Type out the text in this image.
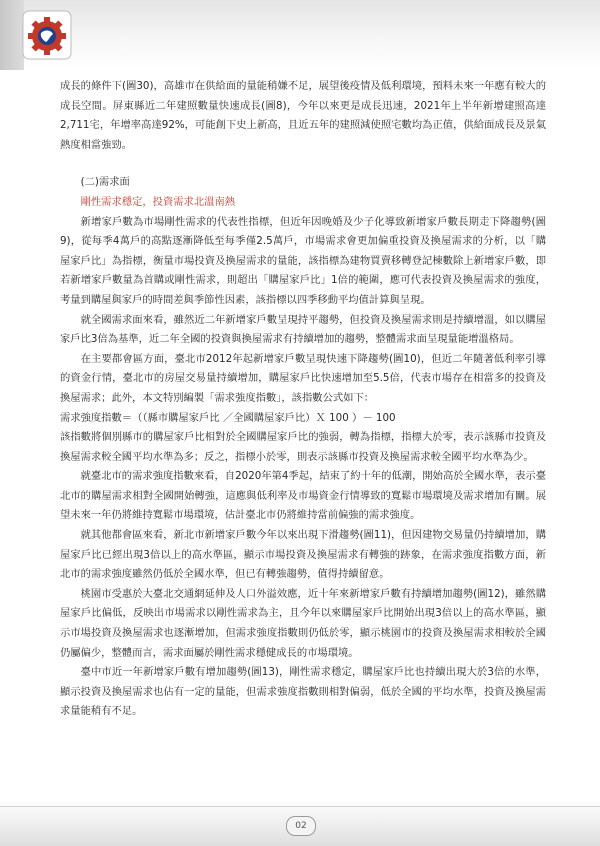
成長的條件下(圖30)，高雄市在供給面的量能稍嫌不足，展望後疫情及低利環境，預料未來一年應有較大的成長空間。屏東縣近二年建照數量快速成長(圖8)，今年以來更是成長迅速，2021年上半年新增建照高達2,711宅，年增率高達92%，可能創下史上新高，且近五年的建照減使照宅數均為正值，供給面成長及景氣熱度相當強勁。

(二)需求面

剛性需求穩定，投資需求北溫南熱

新增家戶數為市場剛性需求的代表性指標，但近年因晚婚及少子化導致新增家戶數長期走下降趨勢(圖9)，從每季4萬戶的高點逐漸降低至每季僅2.5萬戶，市場需求會更加偏重投資及換屋需求的分析，以「購屋家戶比」為指標，衡量市場投資及換屋需求的量能，該指標為建物買賣移轉登記棟數除上新增家戶數，即若新增家戶數量為首購或剛性需求，則超出「購屋家戶比」1倍的範圍，應可代表投資及換屋需求的強度，考量到購屋與家戶的時間差與季節性因素，該指標以四季移動平均值計算與呈現。

就全國需求面來看，雖然近二年新增家戶數呈現持平趨勢，但投資及換屋需求則是持續增溫，如以購屋家戶比3倍為基準，近二年全國的投資與換屋需求有持續增加的趨勢，整體需求面呈現量能增溫格局。

在主要都會區方面，臺北市2012年起新增家戶數呈現快速下降趨勢(圖10)，但近二年隨著低利率引導的資金行情，臺北市的房屋交易量持續增加，購屋家戶比快速增加至5.5倍，代表市場存在相當多的投資及換屋需求；此外，本文特別編製「需求強度指數」，該指數公式如下：

需求強度指數＝（（縣市購屋家戶比 ／全國購屋家戶比）Ｘ 100 ）－ 100

該指數將個別縣市的購屋家戶比相對於全國購屋家戶比的強弱，轉為指標，指標大於零，表示該縣市投資及換屋需求較全國平均水準為多；反之，指標小於零，則表示該縣市投資及換屋需求較全國平均水準為少。

就臺北市的需求強度指數來看，自2020年第4季起，結束了約十年的低潮，開始高於全國水準，表示臺北市的購屋需求相對全國開始轉強，這應與低利率及市場資金行情導致的寬鬆市場環境及需求增加有關。展望未來一年仍將維持寬鬆市場環境，估計臺北市仍將維持當前偏強的需求強度。

就其他都會區來看，新北市新增家戶數今年以來出現下滑趨勢(圖11)，但因建物交易量仍持續增加，購屋家戶比已經出現3倍以上的高水準區，顯示市場投資及換屋需求有轉強的跡象，在需求強度指數方面，新北市的需求強度雖然仍低於全國水準，但已有轉強趨勢，值得持續留意。

桃園市受惠於大臺北交通網延伸及人口外溢效應，近十年來新增家戶數有持續增加趨勢(圖12)，雖然購屋家戶比偏低，反映出市場需求以剛性需求為主，且今年以來購屋家戶比開始出現3倍以上的高水準區，顯示市場投資及換屋需求也逐漸增加，但需求強度指數則仍低於零，顯示桃園市的投資及換屋需求相較於全國仍屬偏少，整體而言，需求面屬於剛性需求穩健成長的市場環境。

臺中市近一年新增家戶數有增加趨勢(圖13)，剛性需求穩定，購屋家戶比也持續出現大於3倍的水準，顯示投資及換屋需求也佔有一定的量能，但需求強度指數則相對偏弱，低於全國的平均水準，投資及換屋需求量能稍有不足。

02
